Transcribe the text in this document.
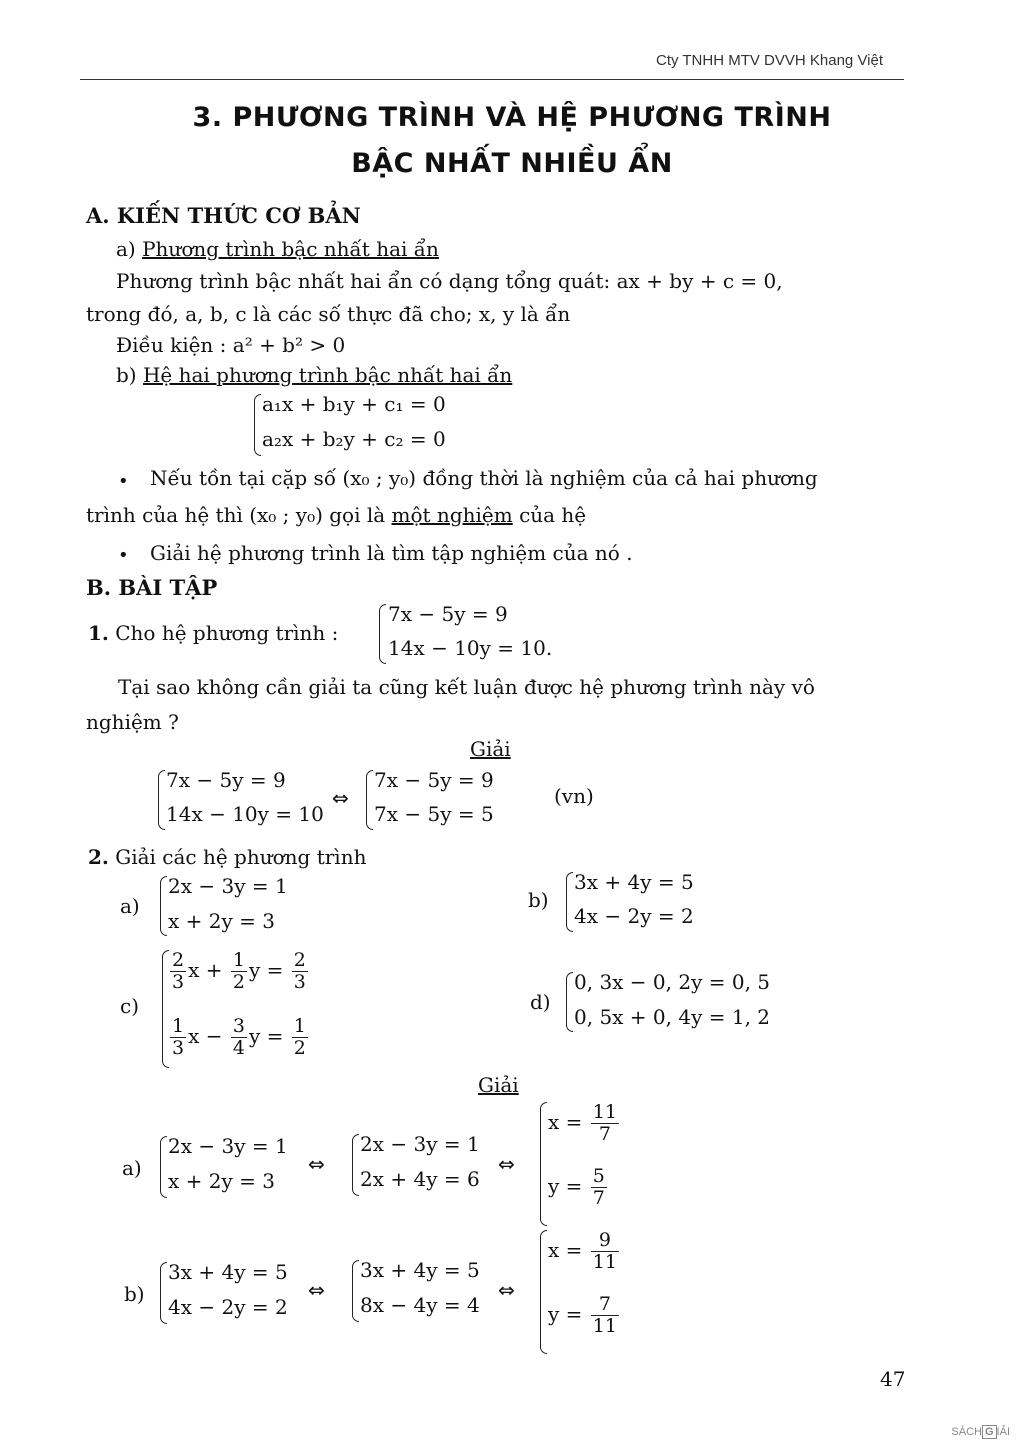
Cty TNHH MTV DVVH Khang Việt
3. PHƯƠNG TRÌNH VÀ HỆ PHƯƠNG TRÌNH
BẬC NHẤT NHIỀU ẨN
A. KIẾN THỨC CƠ BẢN
a) Phương trình bậc nhất hai ẩn
Phương trình bậc nhất hai ẩn có dạng tổng quát: ax + by + c = 0,
trong đó, a, b, c là các số thực đã cho; x, y là ẩn
Điều kiện : a² + b² > 0
b) Hệ hai phương trình bậc nhất hai ẩn
a₁x + b₁y + c₁ = 0
a₂x + b₂y + c₂ = 0
• Nếu tồn tại cặp số (x₀ ; y₀) đồng thời là nghiệm của cả hai phương
trình của hệ thì (x₀ ; y₀) gọi là một nghiệm của hệ
• Giải hệ phương trình là tìm tập nghiệm của nó .
B. BÀI TẬP
1. Cho hệ phương trình :
7x − 5y = 9
14x − 10y = 10.
Tại sao không cần giải ta cũng kết luận được hệ phương trình này vô
nghiệm ?
Giải
7x − 5y = 9
14x − 10y = 10
⇔
7x − 5y = 9
7x − 5y = 5
(vn)
2. Giải các hệ phương trình
a)
2x − 3y = 1
x + 2y = 3
b)
3x + 4y = 5
4x − 2y = 2
c)
$\frac{2}{3}$ $x + \frac{1}{2}$ $y = \frac{2}{3}$
$\frac{1}{3}$ $x - \frac{3}{4}$ $y = \frac{1}{2}$
d)
0, 3x − 0, 2y = 0, 5
0, 5x + 0, 4y = 1, 2
Giải
a)
2x − 3y = 1
x + 2y = 3
⇔
2x − 3y = 1
2x + 4y = 6
⇔
$x = \frac{11}{7}$
$y = \frac{5}{7}$
b)
3x + 4y = 5
4x − 2y = 2
⇔
3x + 4y = 5
8x − 4y = 4
⇔
$x = \frac{9}{11}$
$y = \frac{7}{11}$
47
SÁCH G IẢI
